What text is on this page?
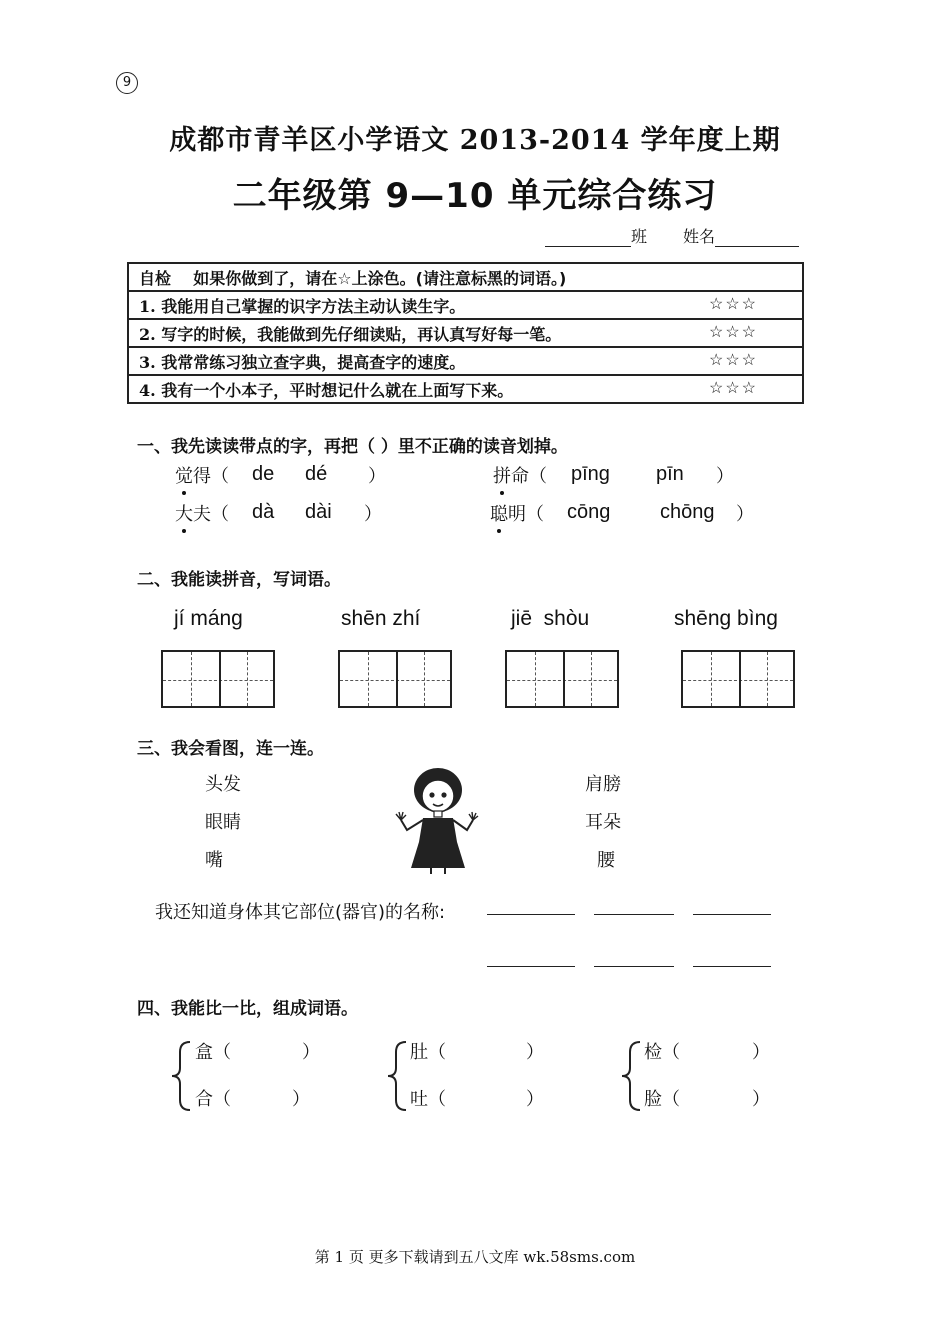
9
成都市青羊区小学语文 2013-2014 学年度上期
二年级第 9—10 单元综合练习
班 姓名
自检 如果你做到了，请在☆上涂色。(请注意标黑的词语。)
1. 我能用自己掌握的识字方法主动认读生字。	☆☆☆

2. 写字的时候，我能做到先仔细读贴，再认真写好每一笔。	☆☆☆

3. 我常常练习独立查字典，提高查字的速度。	☆☆☆

4. 我有一个小本子，平时想记什么就在上面写下来。	☆☆☆
一、我先读读带点的字，再把（ ）里不正确的读音划掉。
觉得（ de dé ）	拼命（ pīng pīn ）
大夫（ dà dài ）	聪明（ cōng chōng ）
二、我能读拼音，写词语。
jí máng	shēn zhí	jiē  shòu	shēng bìng
三、我会看图，连一连。
头发
眼睛
嘴
肩膀
耳朵
腰
我还知道身体其它部位(器官)的名称:
四、我能比一比，组成词语。
盒（	）
合（	）
肚（	）
吐（	）
检（	）
脸（	）
第 1 页 更多下载请到五八文库 wk.58sms.com
